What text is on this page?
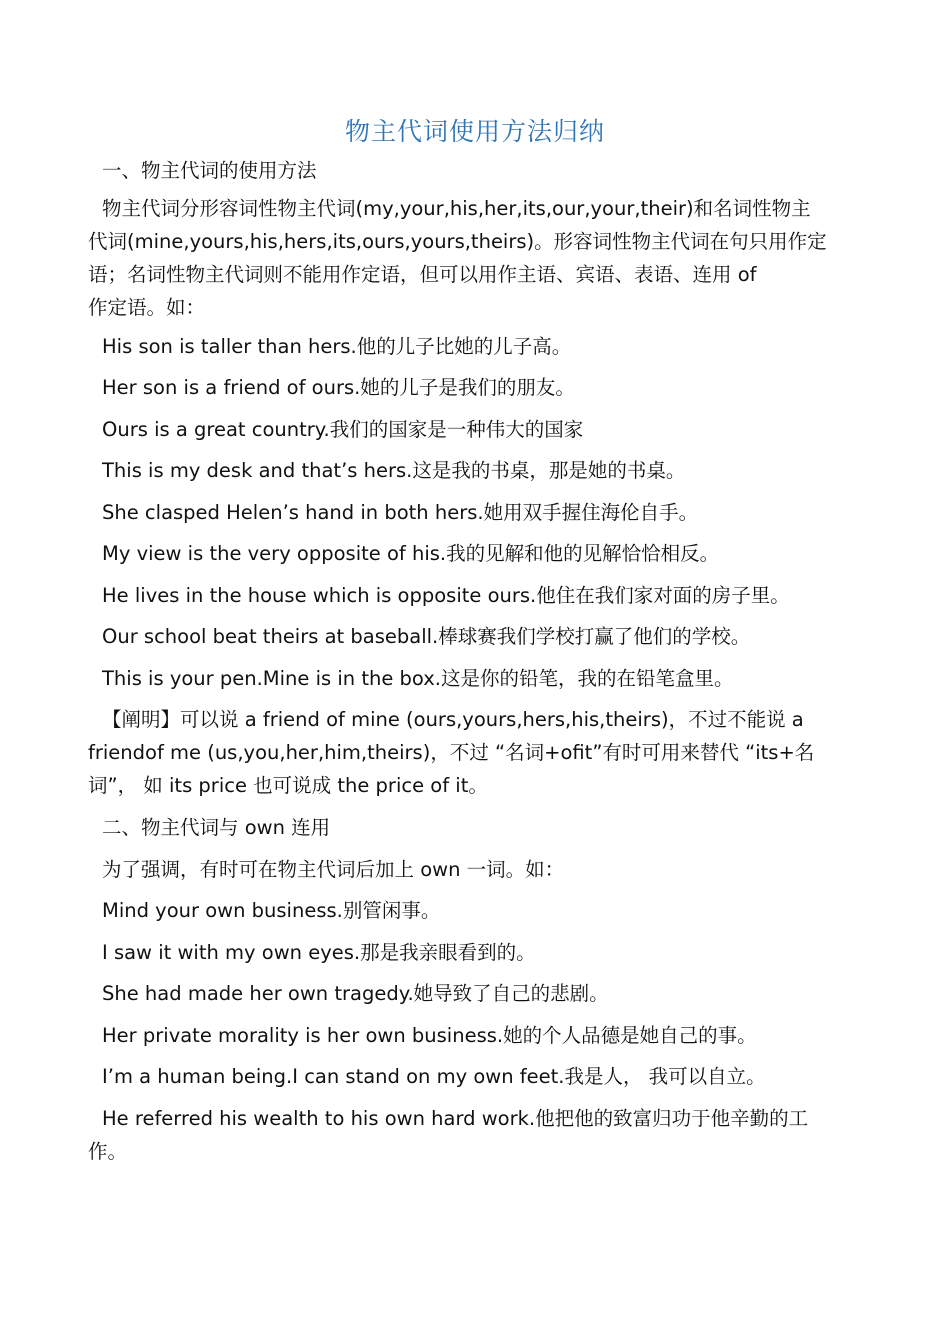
物主代词使用方法归纳
一、物主代词的使用方法
物主代词分形容词性物主代词(my,your,his,her,its,our,your,their)和名词性物主
代词(mine,yours,his,hers,its,ours,yours,theirs)。形容词性物主代词在句只用作定
语；名词性物主代词则不能用作定语，但可以用作主语、宾语、表语、连用 of
作定语。如：
His son is taller than hers.他的儿子比她的儿子高。
Her son is a friend of ours.她的儿子是我们的朋友。
Ours is a great country.我们的国家是一种伟大的国家
This is my desk and that’s hers.这是我的书桌，那是她的书桌。
She clasped Helen’s hand in both hers.她用双手握住海伦自手。
My view is the very opposite of his.我的见解和他的见解恰恰相反。
He lives in the house which is opposite ours.他住在我们家对面的房子里。
Our school beat theirs at baseball.棒球赛我们学校打赢了他们的学校。
This is your pen.Mine is in the box.这是你的铅笔，我的在铅笔盒里。
【阐明】可以说 a friend of mine (ours,yours,hers,his,theirs)，不过不能说 a
friendof me (us,you,her,him,theirs)，不过 “名词+ofit”有时可用来替代 “its+名
词”， 如 its price 也可说成 the price of it。
二、物主代词与 own 连用
为了强调，有时可在物主代词后加上 own 一词。如：
Mind your own business.别管闲事。
I saw it with my own eyes.那是我亲眼看到的。
She had made her own tragedy.她导致了自己的悲剧。
Her private morality is her own business.她的个人品德是她自己的事。
I’m a human being.I can stand on my own feet.我是人， 我可以自立。
He referred his wealth to his own hard work.他把他的致富归功于他辛勤的工
作。
